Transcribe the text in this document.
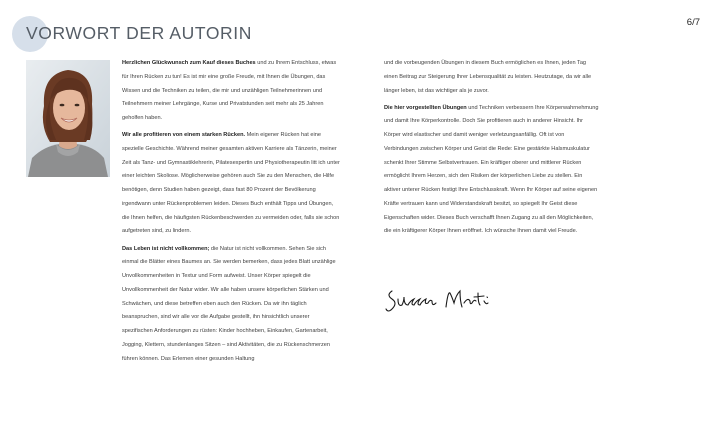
VORWORT DER AUTORIN
6/7

Herzlichen Glückwunsch zum Kauf dieses Buches und zu Ihrem Entschluss, etwas für Ihren Rücken zu tun! Es ist mir eine große Freude, mit Ihnen die Übungen, das Wissen und die Techniken zu teilen, die mir und unzähligen Teilnehmerinnen und Teilnehmern meiner Lehrgänge, Kurse und Privatstunden seit mehr als 25 Jahren geholfen haben.

Wir alle profitieren von einem starken Rücken. Mein eigener Rücken hat eine spezielle Geschichte. Während meiner gesamten aktiven Karriere als Tänzerin, meiner Zeit als Tanz- und Gymnastiklehrerin, Pilatesexpertin und Physiotherapeutin litt ich unter einer leichten Skoliose. Möglicherweise gehören auch Sie zu den Menschen, die Hilfe benötigen, denn Studien haben gezeigt, dass fast 80 Prozent der Bevölkerung irgendwann unter Rückenproblemen leiden. Dieses Buch enthält Tipps und Übungen, die Ihnen helfen, die häufigsten Rückenbeschwerden zu vermeiden oder, falls sie schon aufgetreten sind, zu lindern.

Das Leben ist nicht vollkommen; die Natur ist nicht vollkommen. Sehen Sie sich einmal die Blätter eines Baumes an. Sie werden bemerken, dass jedes Blatt unzählige Unvollkommenheiten in Textur und Form aufweist. Unser Körper spiegelt die Unvollkommenheit der Natur wider. Wir alle haben unsere körperlichen Stärken und Schwächen, und diese betreffen eben auch den Rücken. Da wir ihn täglich beanspruchen, sind wir alle vor die Aufgabe gestellt, ihn hinsichtlich unserer spezifischen Anforderungen zu rüsten: Kinder hochheben, Einkaufen, Gartenarbeit, Jogging, Klettern, stundenlanges Sitzen – sind Aktivitäten, die zu Rückenschmerzen führen können. Das Erlernen einer gesunden Haltung

und die vorbeugenden Übungen in diesem Buch ermöglichen es Ihnen, jeden Tag einen Beitrag zur Steigerung Ihrer Lebensqualität zu leisten. Heutzutage, da wir alle länger leben, ist das wichtiger als je zuvor.

Die hier vorgestellten Übungen und Techniken verbessern Ihre Körperwahrnehmung und damit Ihre Körperkontrolle. Doch Sie profitieren auch in anderer Hinsicht. Ihr Körper wird elastischer und damit weniger verletzungsanfällig. Oft ist von Verbindungen zwischen Körper und Geist die Rede: Eine gestärkte Halsmuskulatur schenkt Ihrer Stimme Selbstvertrauen. Ein kräftiger oberer und mittlerer Rücken ermöglicht Ihrem Herzen, sich den Risiken der körperlichen Liebe zu stellen. Ein aktiver unterer Rücken festigt Ihre Entschlusskraft. Wenn Ihr Körper auf seine eigenen Kräfte vertrauen kann und Widerstandskraft besitzt, so spiegelt Ihr Geist diese Eigenschaften wider. Dieses Buch verschafft Ihnen Zugang zu all den Möglichkeiten, die ein kräftigerer Körper Ihnen eröffnet. Ich wünsche Ihnen damit viel Freude.
